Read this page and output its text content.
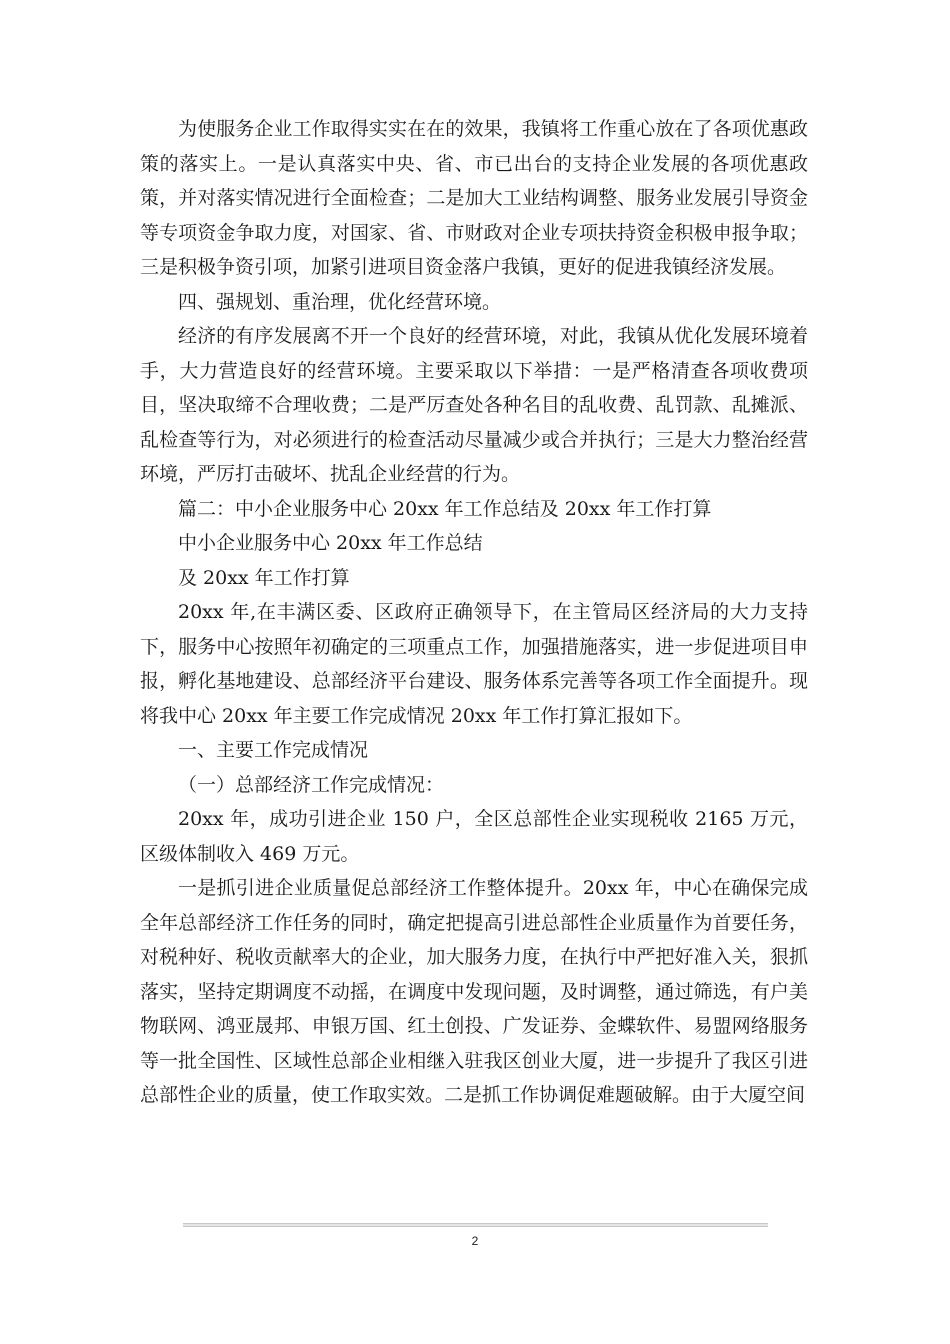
为使服务企业工作取得实实在在的效果，我镇将工作重心放在了各项优惠政策的落实上。一是认真落实中央、省、市已出台的支持企业发展的各项优惠政策，并对落实情况进行全面检查；二是加大工业结构调整、服务业发展引导资金等专项资金争取力度，对国家、省、市财政对企业专项扶持资金积极申报争取；三是积极争资引项，加紧引进项目资金落户我镇，更好的促进我镇经济发展。

四、强规划、重治理，优化经营环境。

经济的有序发展离不开一个良好的经营环境，对此，我镇从优化发展环境着手，大力营造良好的经营环境。主要采取以下举措：一是严格清查各项收费项目，坚决取缔不合理收费；二是严厉查处各种名目的乱收费、乱罚款、乱摊派、乱检查等行为，对必须进行的检查活动尽量减少或合并执行；三是大力整治经营环境，严厉打击破坏、扰乱企业经营的行为。

篇二：中小企业服务中心 20xx 年工作总结及 20xx 年工作打算

中小企业服务中心 20xx 年工作总结

及 20xx 年工作打算

20xx 年,在丰满区委、区政府正确领导下，在主管局区经济局的大力支持下，服务中心按照年初确定的三项重点工作，加强措施落实，进一步促进项目申报，孵化基地建设、总部经济平台建设、服务体系完善等各项工作全面提升。现将我中心 20xx 年主要工作完成情况 20xx 年工作打算汇报如下。

一、主要工作完成情况

（一）总部经济工作完成情况：

20xx 年，成功引进企业 150 户，全区总部性企业实现税收 2165 万元，区级体制收入 469 万元。

一是抓引进企业质量促总部经济工作整体提升。20xx 年，中心在确保完成全年总部经济工作任务的同时，确定把提高引进总部性企业质量作为首要任务，对税种好、税收贡献率大的企业，加大服务力度，在执行中严把好准入关，狠抓落实，坚持定期调度不动摇，在调度中发现问题，及时调整，通过筛选，有户美物联网、鸿亚晟邦、申银万国、红土创投、广发证券、金蝶软件、易盟网络服务等一批全国性、区域性总部企业相继入驻我区创业大厦，进一步提升了我区引进总部性企业的质量，使工作取实效。二是抓工作协调促难题破解。由于大厦空间

2
